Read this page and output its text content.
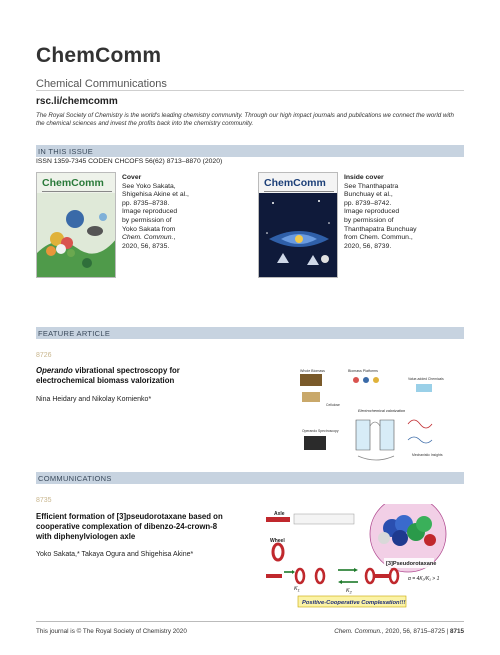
ChemComm
Chemical Communications
rsc.li/chemcomm
The Royal Society of Chemistry is the world's leading chemistry community. Through our high impact journals and publications we connect the world with the chemical sciences and invest the profits back into the chemistry community.
IN THIS ISSUE
ISSN 1359-7345 CODEN CHCOFS 56(62) 8713–8870 (2020)
ChemComm	Cover
See Yoko Sakata,
Shigehisa Akine et al.,
pp. 8735–8738.
Image reproduced
by permission of
Yoko Sakata from
Chem. Commun.,
2020, 56, 8735.
ChemComm	Inside cover
See Thanthapatra
Bunchuay et al.,
pp. 8739–8742.
Image reproduced
by permission of
Thanthapatra Bunchuay
from Chem. Commun.,
2020, 56, 8739.
FEATURE ARTICLE
8726
Operando vibrational spectroscopy for
electrochemical biomass valorization
Nina Heidary and Nikolay Kornienko*
Whole Biomass	Biomass Platforms
Value-added Chemicals
Cellulose
Electrochemical valorization
Operando Spectroscopy
Mechanistic Insights
COMMUNICATIONS
8735
Efficient formation of [3]pseudorotaxane based on
cooperative complexation of dibenzo-24-crown-8
with diphenylviologen axle
Yoko Sakata,* Takaya Ogura and Shigehisa Akine*
Axle
Wheel
[3]Pseudorotaxane
$K_1$	$K_2$
α = 4K₂/K₁ > 1
Positive-Cooperative Complexation!!!
This journal is © The Royal Society of Chemistry 2020	Chem. Commun., 2020, 56, 8715–8725 | 8715
